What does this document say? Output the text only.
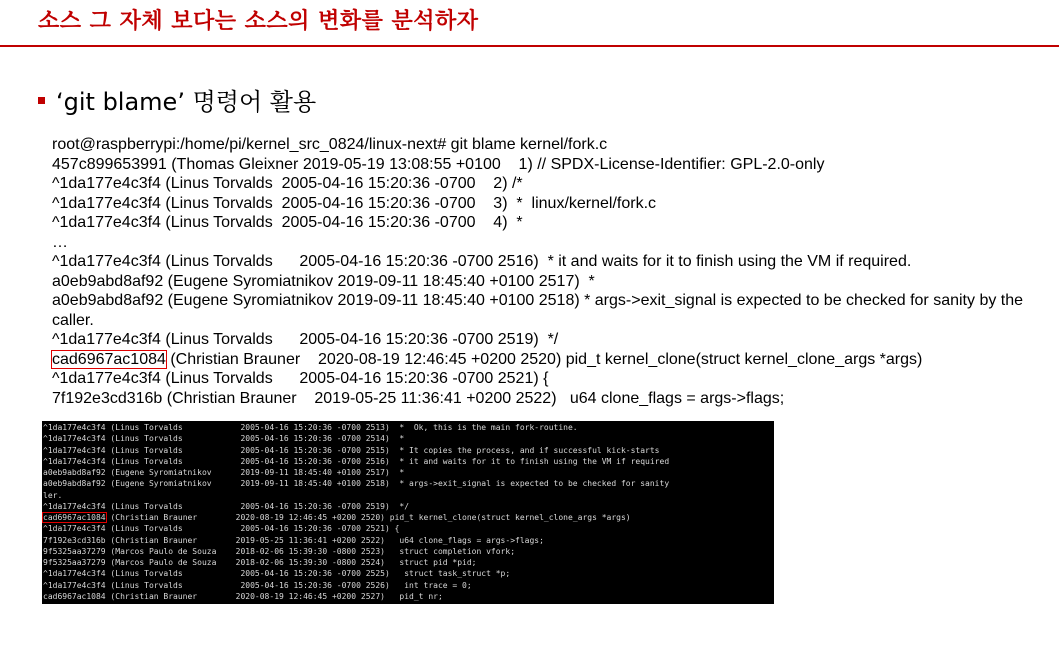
소스 그 자체 보다는 소스의 변화를 분석하자
‘git blame’ 명령어 활용
root@raspberrypi:/home/pi/kernel_src_0824/linux-next# git blame kernel/fork.c
457c899653991 (Thomas Gleixner 2019-05-19 13:08:55 +0100    1) // SPDX-License-Identifier: GPL-2.0-only
^1da177e4c3f4 (Linus Torvalds  2005-04-16 15:20:36 -0700    2) /*
^1da177e4c3f4 (Linus Torvalds  2005-04-16 15:20:36 -0700    3)  *  linux/kernel/fork.c
^1da177e4c3f4 (Linus Torvalds  2005-04-16 15:20:36 -0700    4)  *
…
^1da177e4c3f4 (Linus Torvalds      2005-04-16 15:20:36 -0700 2516)  * it and waits for it to finish using the VM if required.
a0eb9abd8af92 (Eugene Syromiatnikov 2019-09-11 18:45:40 +0100 2517)  *
a0eb9abd8af92 (Eugene Syromiatnikov 2019-09-11 18:45:40 +0100 2518) * args->exit_signal is expected to be checked for sanity by the caller.
^1da177e4c3f4 (Linus Torvalds      2005-04-16 15:20:36 -0700 2519)  */
cad6967ac1084 (Christian Brauner    2020-08-19 12:46:45 +0200 2520) pid_t kernel_clone(struct kernel_clone_args *args)
^1da177e4c3f4 (Linus Torvalds      2005-04-16 15:20:36 -0700 2521) {
7f192e3cd316b (Christian Brauner    2019-05-25 11:36:41 +0200 2522)   u64 clone_flags = args->flags;
^1da177e4c3f4 (Linus Torvalds            2005-04-16 15:20:36 -0700 2513)  *  Ok, this is the main fork-routine.
^1da177e4c3f4 (Linus Torvalds            2005-04-16 15:20:36 -0700 2514)  *
^1da177e4c3f4 (Linus Torvalds            2005-04-16 15:20:36 -0700 2515)  * It copies the process, and if successful kick-starts
^1da177e4c3f4 (Linus Torvalds            2005-04-16 15:20:36 -0700 2516)  * it and waits for it to finish using the VM if required
a0eb9abd8af92 (Eugene Syromiatnikov      2019-09-11 18:45:40 +0100 2517)  *
a0eb9abd8af92 (Eugene Syromiatnikov      2019-09-11 18:45:40 +0100 2518)  * args->exit_signal is expected to be checked for sanity
ler.
^1da177e4c3f4 (Linus Torvalds            2005-04-16 15:20:36 -0700 2519)  */
cad6967ac1084 (Christian Brauner        2020-08-19 12:46:45 +0200 2520) pid_t kernel_clone(struct kernel_clone_args *args)
^1da177e4c3f4 (Linus Torvalds            2005-04-16 15:20:36 -0700 2521) {
7f192e3cd316b (Christian Brauner        2019-05-25 11:36:41 +0200 2522)   u64 clone_flags = args->flags;
9f5325aa37279 (Marcos Paulo de Souza    2018-02-06 15:39:30 -0800 2523)   struct completion vfork;
9f5325aa37279 (Marcos Paulo de Souza    2018-02-06 15:39:30 -0800 2524)   struct pid *pid;
^1da177e4c3f4 (Linus Torvalds            2005-04-16 15:20:36 -0700 2525)   struct task_struct *p;
^1da177e4c3f4 (Linus Torvalds            2005-04-16 15:20:36 -0700 2526)   int trace = 0;
cad6967ac1084 (Christian Brauner        2020-08-19 12:46:45 +0200 2527)   pid_t nr;
